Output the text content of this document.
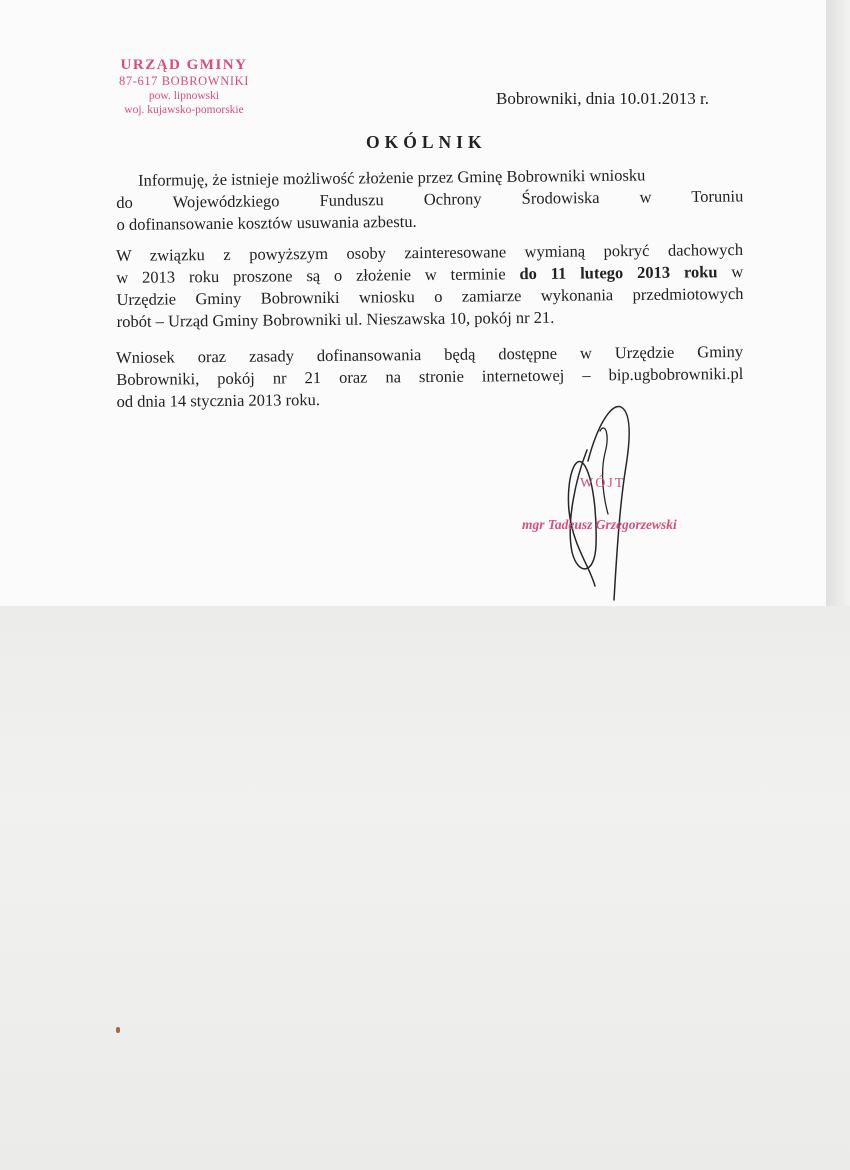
URZĄD GMINY
87-617 BOBROWNIKI
pow. lipnowski
woj. kujawsko-pomorskie
Bobrowniki, dnia 10.01.2013 r.
OKÓLNIK
Informuję, że istnieje możliwość złożenie przez Gminę Bobrowniki wniosku
do Wojewódzkiego Funduszu Ochrony Środowiska w Toruniu
o dofinansowanie kosztów usuwania azbestu.
W związku z powyższym osoby zainteresowane wymianą pokryć dachowych
w 2013 roku proszone są o złożenie w terminie do 11 lutego 2013 roku w
Urzędzie Gminy Bobrowniki wniosku o zamiarze wykonania przedmiotowych
robót – Urząd Gminy Bobrowniki ul. Nieszawska 10, pokój nr 21.
Wniosek oraz zasady dofinansowania będą dostępne w Urzędzie Gminy
Bobrowniki, pokój nr 21 oraz na stronie internetowej – bip.ugbobrowniki.pl
od dnia 14 stycznia 2013 roku.
WÓJT
mgr Tadeusz Grzegorzewski
